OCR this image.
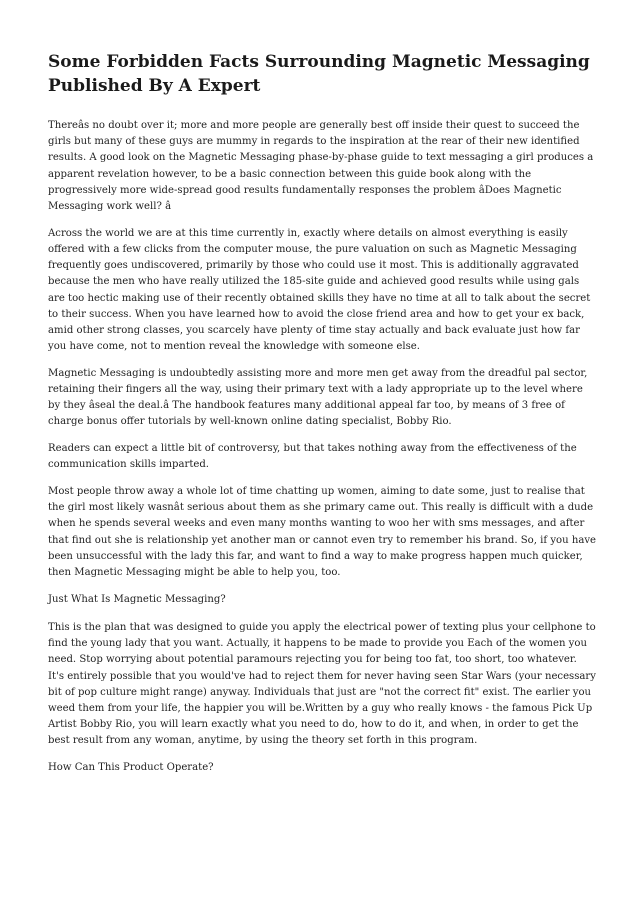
Some Forbidden Facts Surrounding Magnetic Messaging Published By A Expert

Thereâs no doubt over it; more and more people are generally best off inside their quest to succeed the girls but many of these guys are mummy in regards to the inspiration at the rear of their new identified results. A good look on the Magnetic Messaging phase-by-phase guide to text messaging a girl produces a apparent revelation however, to be a basic connection between this guide book along with the progressively more wide-spread good results fundamentally responses the problem âDoes Magnetic Messaging work well? â

Across the world we are at this time currently in, exactly where details on almost everything is easily offered with a few clicks from the computer mouse, the pure valuation on such as Magnetic Messaging frequently goes undiscovered, primarily by those who could use it most. This is additionally aggravated because the men who have really utilized the 185-site guide and achieved good results while using gals are too hectic making use of their recently obtained skills they have no time at all to talk about the secret to their success. When you have learned how to avoid the close friend area and how to get your ex back, amid other strong classes, you scarcely have plenty of time stay actually and back evaluate just how far you have come, not to mention reveal the knowledge with someone else.

Magnetic Messaging is undoubtedly assisting more and more men get away from the dreadful pal sector, retaining their fingers all the way, using their primary text with a lady appropriate up to the level where by they âseal the deal.â The handbook features many additional appeal far too, by means of 3 free of charge bonus offer tutorials by well-known online dating specialist, Bobby Rio.

Readers can expect a little bit of controversy, but that takes nothing away from the effectiveness of the communication skills imparted.

Most people throw away a whole lot of time chatting up women, aiming to date some, just to realise that the girl most likely wasnât serious about them as she primary came out. This really is difficult with a dude when he spends several weeks and even many months wanting to woo her with sms messages, and after that find out she is relationship yet another man or cannot even try to remember his brand. So, if you have been unsuccessful with the lady this far, and want to find a way to make progress happen much quicker, then Magnetic Messaging might be able to help you, too.

Just What Is Magnetic Messaging?

This is the plan that was designed to guide you apply the electrical power of texting plus your cellphone to find the young lady that you want. Actually, it happens to be made to provide you Each of the women you need. Stop worrying about potential paramours rejecting you for being too fat, too short, too whatever. It's entirely possible that you would've had to reject them for never having seen Star Wars (your necessary bit of pop culture might range) anyway. Individuals that just are "not the correct fit" exist. The earlier you weed them from your life, the happier you will be.Written by a guy who really knows - the famous Pick Up Artist Bobby Rio, you will learn exactly what you need to do, how to do it, and when, in order to get the best result from any woman, anytime, by using the theory set forth in this program.

How Can This Product Operate?
